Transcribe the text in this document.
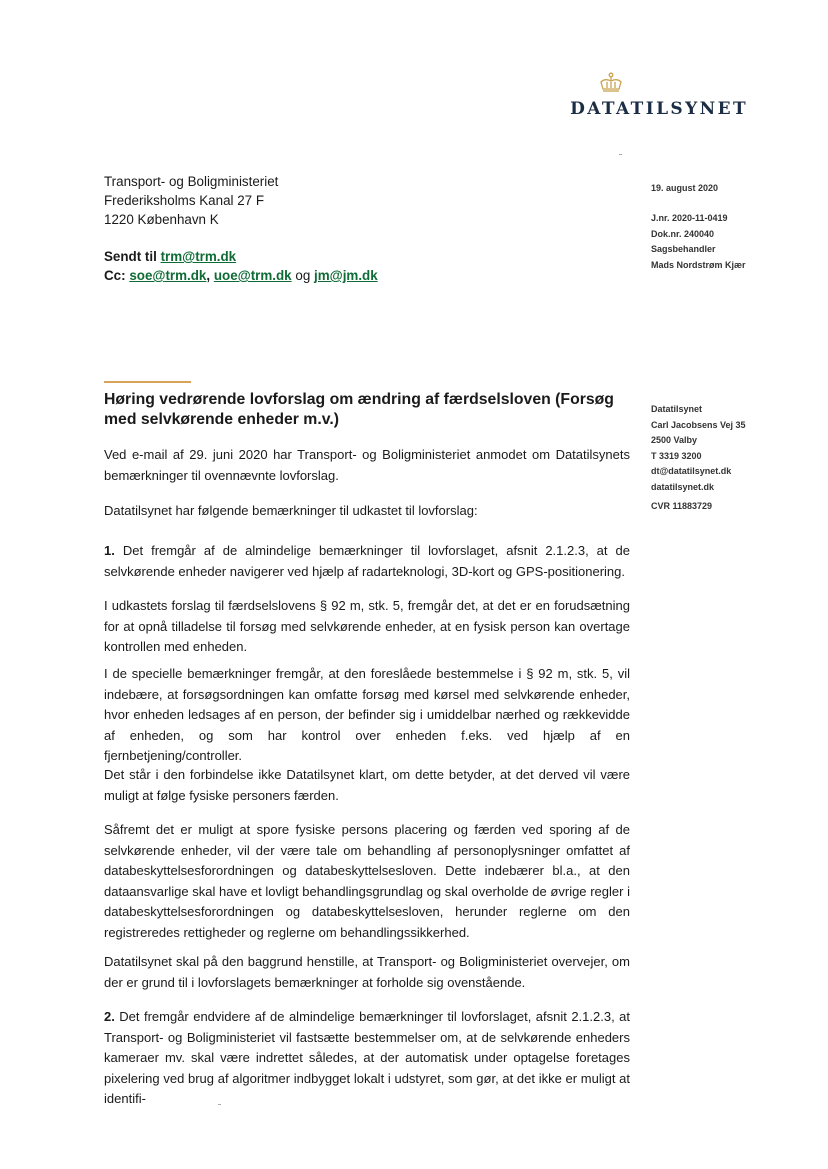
DATATILSYNET
Transport- og Boligministeriet
Frederiksholms Kanal 27 F
1220 København K
Sendt til trm@trm.dk
Cc: soe@trm.dk, uoe@trm.dk og jm@jm.dk
19. august 2020
J.nr. 2020-11-0419
Dok.nr. 240040
Sagsbehandler
Mads Nordstrøm Kjær
Datatilsynet
Carl Jacobsens Vej 35
2500 Valby
T 3319 3200
dt@datatilsynet.dk
datatilsynet.dk
CVR 11883729
Høring vedrørende lovforslag om ændring af færdselsloven (Forsøg med selvkørende enheder m.v.)
Ved e-mail af 29. juni 2020 har Transport- og Boligministeriet anmodet om Datatilsynets bemærkninger til ovennævnte lovforslag.
Datatilsynet har følgende bemærkninger til udkastet til lovforslag:
1. Det fremgår af de almindelige bemærkninger til lovforslaget, afsnit 2.1.2.3, at de selvkørende enheder navigerer ved hjælp af radarteknologi, 3D-kort og GPS-positionering.
I udkastets forslag til færdselslovens § 92 m, stk. 5, fremgår det, at det er en forudsætning for at opnå tilladelse til forsøg med selvkørende enheder, at en fysisk person kan overtage kontrollen med enheden.
I de specielle bemærkninger fremgår, at den foreslåede bestemmelse i § 92 m, stk. 5, vil indebære, at forsøgsordningen kan omfatte forsøg med kørsel med selvkørende enheder, hvor enheden ledsages af en person, der befinder sig i umiddelbar nærhed og rækkevidde af enheden, og som har kontrol over enheden f.eks. ved hjælp af en fjernbetjening/controller.
Det står i den forbindelse ikke Datatilsynet klart, om dette betyder, at det derved vil være muligt at følge fysiske personers færden.
Såfremt det er muligt at spore fysiske persons placering og færden ved sporing af de selvkørende enheder, vil der være tale om behandling af personoplysninger omfattet af databeskyttelsesforordningen og databeskyttelsesloven. Dette indebærer bl.a., at den dataansvarlige skal have et lovligt behandlingsgrundlag og skal overholde de øvrige regler i databeskyttelsesforordningen og databeskyttelsesloven, herunder reglerne om den registreredes rettigheder og reglerne om behandlingssikkerhed.
Datatilsynet skal på den baggrund henstille, at Transport- og Boligministeriet overvejer, om der er grund til i lovforslagets bemærkninger at forholde sig ovenstående.
2. Det fremgår endvidere af de almindelige bemærkninger til lovforslaget, afsnit 2.1.2.3, at Transport- og Boligministeriet vil fastsætte bestemmelser om, at de selvkørende enheders kameraer mv. skal være indrettet således, at der automatisk under optagelse foretages pixelering ved brug af algoritmer indbygget lokalt i udstyret, som gør, at det ikke er muligt at identifi-
